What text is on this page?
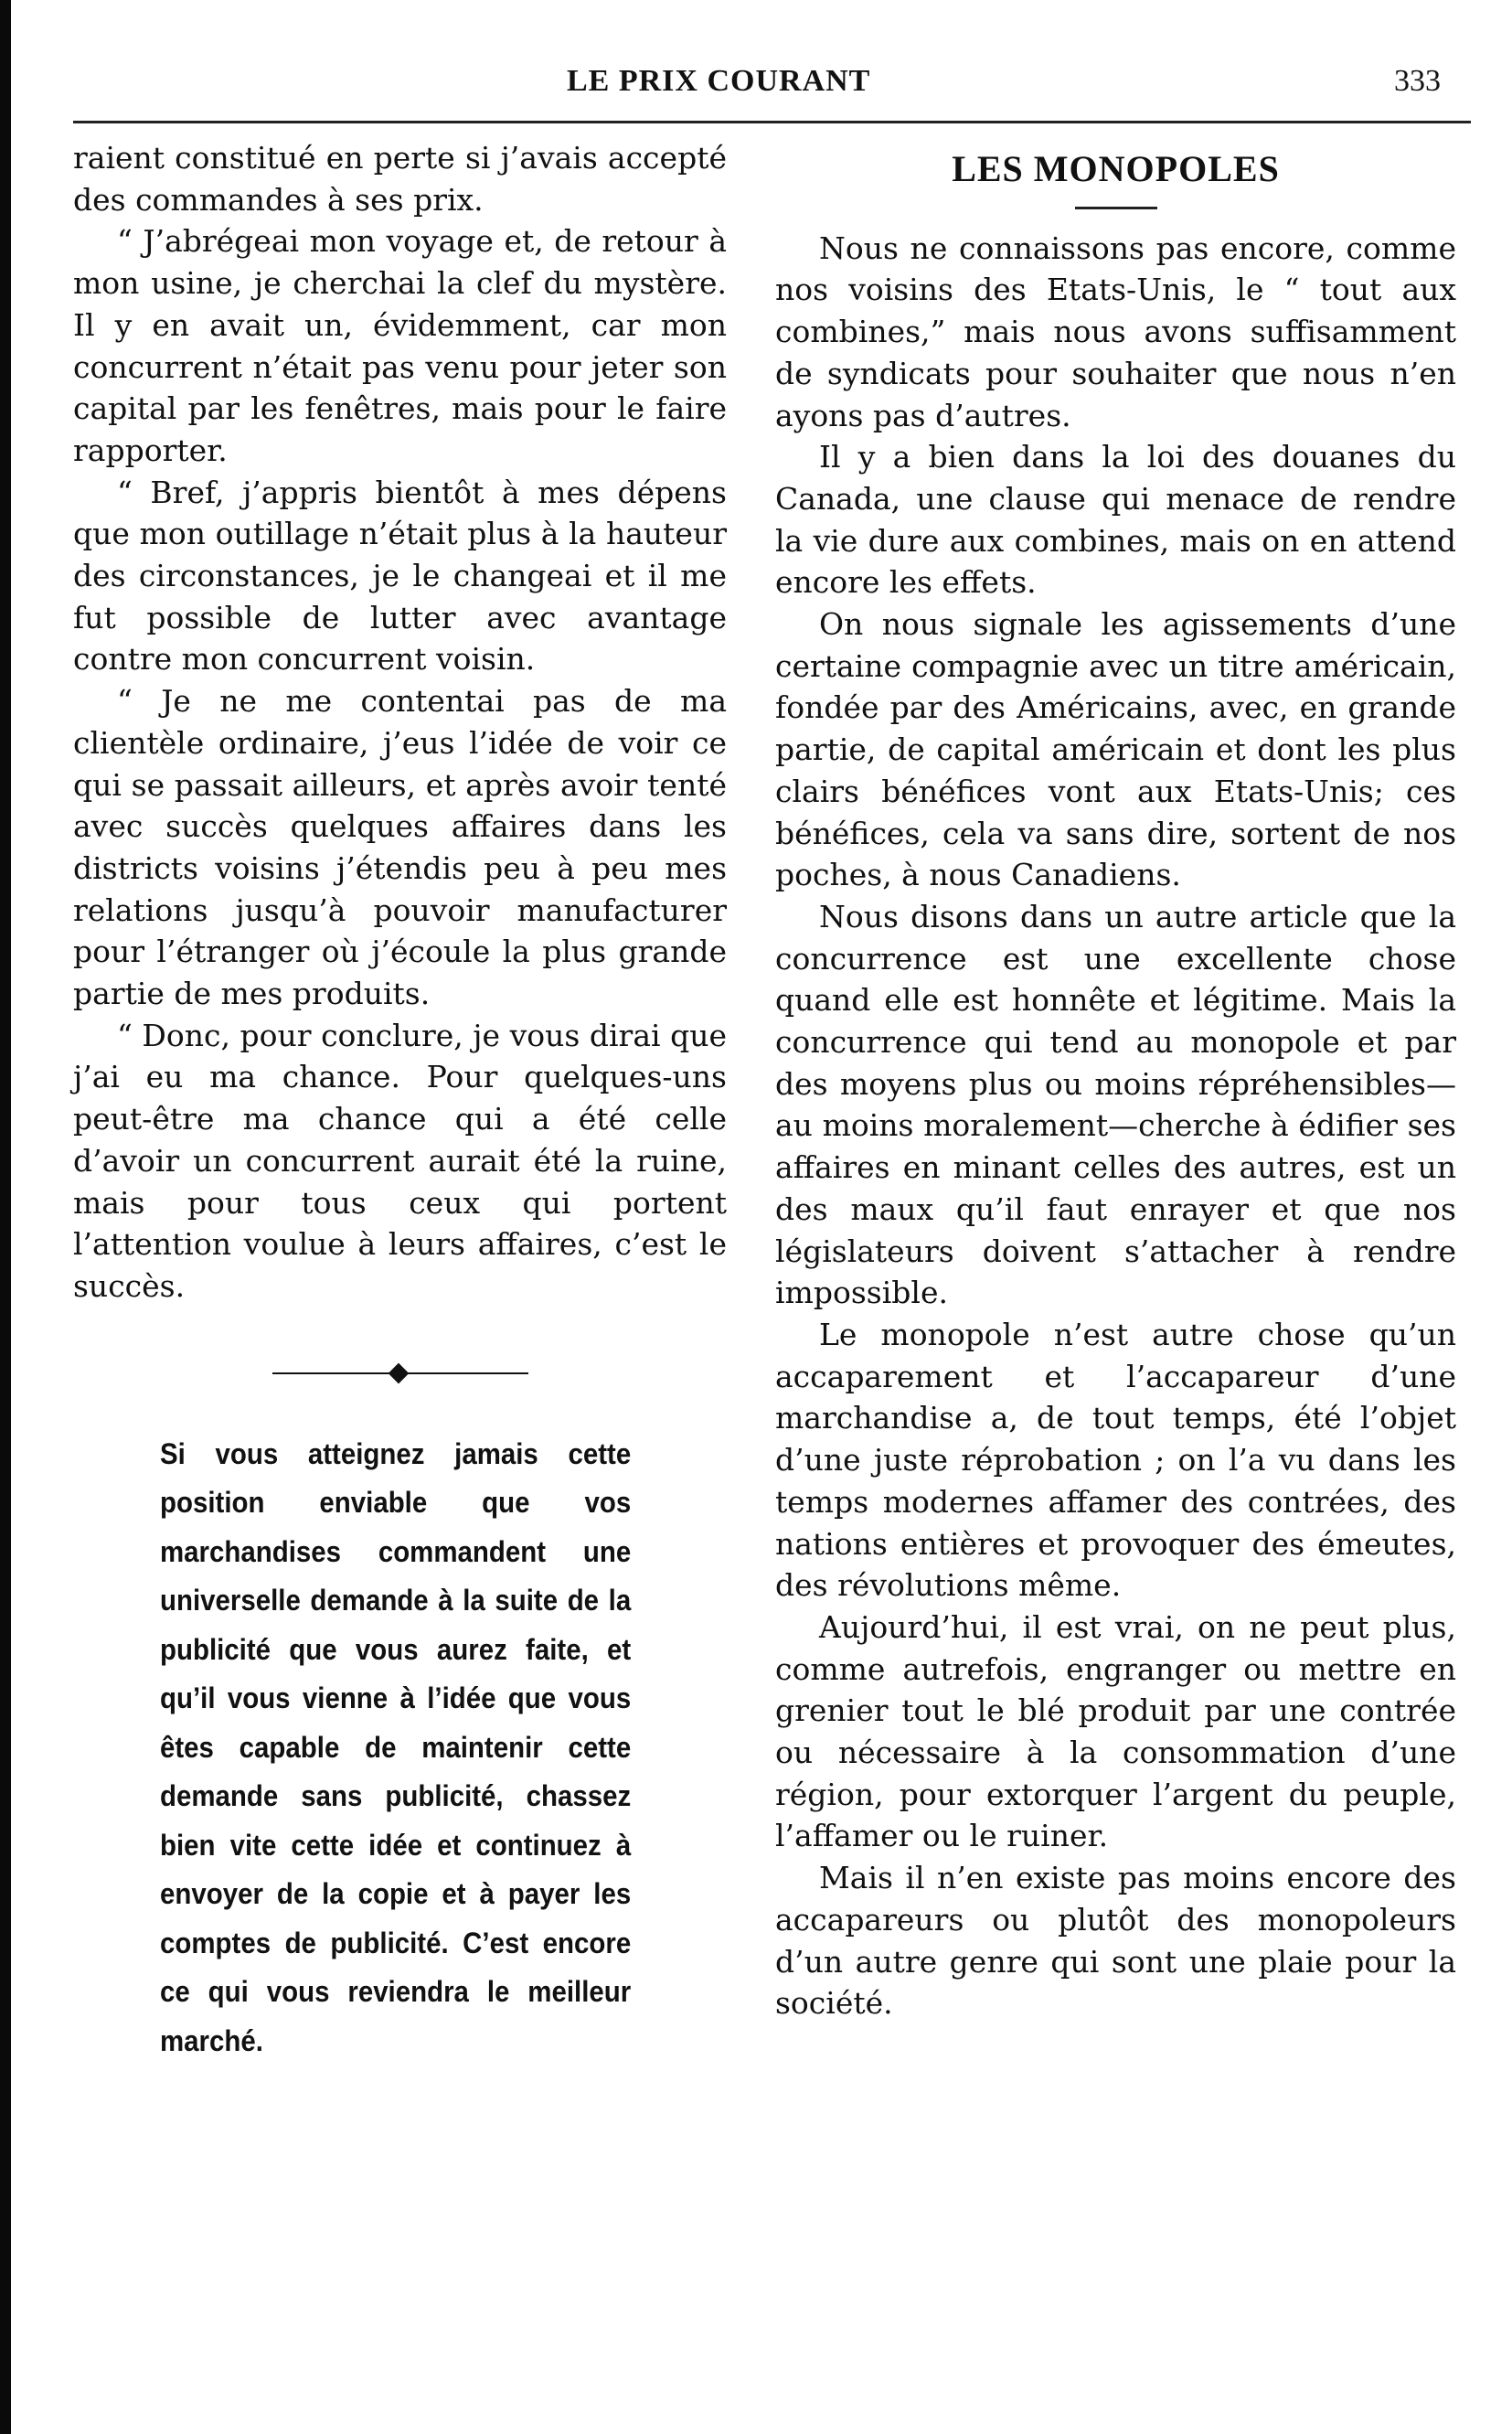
LE PRIX COURANT	333

raient constitué en perte si j’avais accepté des commandes à ses prix.

“ J’abrégeai mon voyage et, de retour à mon usine, je cherchai la clef du mystère. Il y en avait un, évidemment, car mon concurrent n’était pas venu pour jeter son capital par les fenêtres, mais pour le faire rapporter.

“ Bref, j’appris bientôt à mes dépens que mon outillage n’était plus à la hauteur des circonstances, je le changeai et il me fut possible de lutter avec avantage contre mon concurrent voisin.

“ Je ne me contentai pas de ma clientèle ordinaire, j’eus l’idée de voir ce qui se passait ailleurs, et après avoir tenté avec succès quelques affaires dans les districts voisins j’étendis peu à peu mes relations jusqu’à pouvoir manufacturer pour l’étranger où j’écoule la plus grande partie de mes produits.

“ Donc, pour conclure, je vous dirai que j’ai eu ma chance. Pour quelques-uns peut-être ma chance qui a été celle d’avoir un concurrent aurait été la ruine, mais pour tous ceux qui portent l’attention voulue à leurs affaires, c’est le succès.

Si vous atteignez jamais cette position enviable que vos marchandises commandent une universelle demande à la suite de la publicité que vous aurez faite, et qu’il vous vienne à l’idée que vous êtes capable de maintenir cette demande sans publicité, chassez bien vite cette idée et continuez à envoyer de la copie et à payer les comptes de publicité. C’est encore ce qui vous reviendra le meilleur marché.
LES MONOPOLES

Nous ne connaissons pas encore, comme nos voisins des Etats-Unis, le “ tout aux combines,” mais nous avons suffisamment de syndicats pour souhaiter que nous n’en ayons pas d’autres.

Il y a bien dans la loi des douanes du Canada, une clause qui menace de rendre la vie dure aux combines, mais on en attend encore les effets.

On nous signale les agissements d’une certaine compagnie avec un titre américain, fondée par des Américains, avec, en grande partie, de capital américain et dont les plus clairs bénéfices vont aux Etats-Unis; ces bénéfices, cela va sans dire, sortent de nos poches, à nous Canadiens.

Nous disons dans un autre article que la concurrence est une excellente chose quand elle est honnête et légitime. Mais la concurrence qui tend au monopole et par des moyens plus ou moins répréhensibles—au moins moralement—cherche à édifier ses affaires en minant celles des autres, est un des maux qu’il faut enrayer et que nos législateurs doivent s’attacher à rendre impossible.

Le monopole n’est autre chose qu’un accaparement et l’accapareur d’une marchandise a, de tout temps, été l’objet d’une juste réprobation ; on l’a vu dans les temps modernes affamer des contrées, des nations entières et provoquer des émeutes, des révolutions même.

Aujourd’hui, il est vrai, on ne peut plus, comme autrefois, engranger ou mettre en grenier tout le blé produit par une contrée ou nécessaire à la consommation d’une région, pour extorquer l’argent du peuple, l’affamer ou le ruiner.

Mais il n’en existe pas moins encore des accapareurs ou plutôt des monopoleurs d’un autre genre qui sont une plaie pour la société.
